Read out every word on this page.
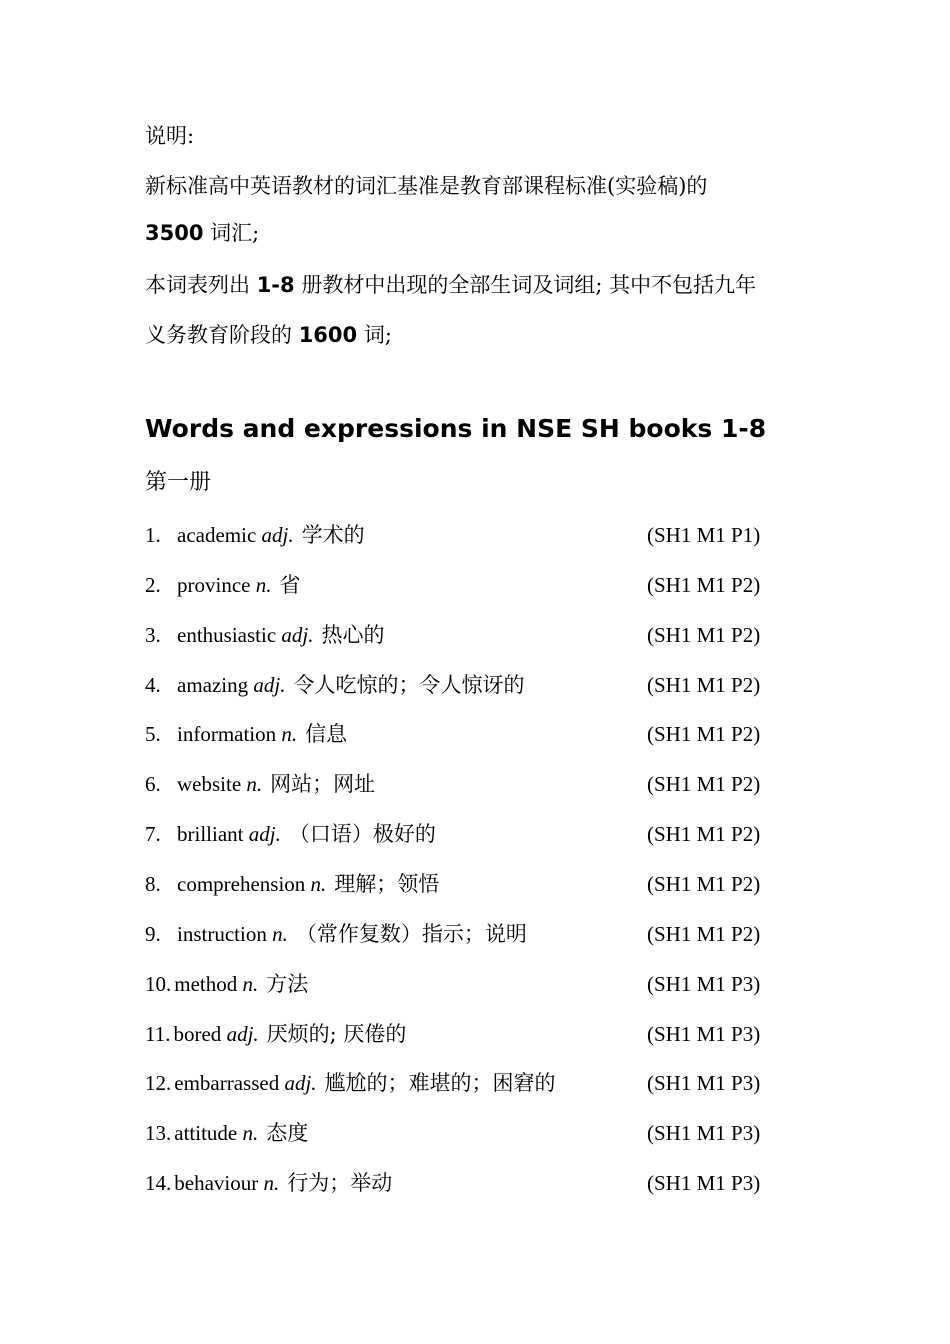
说明:
新标准高中英语教材的词汇基准是教育部课程标准(实验稿)的
3500 词汇;
本词表列出 1-8 册教材中出现的全部生词及词组; 其中不包括九年
义务教育阶段的 1600 词;
Words and expressions in NSE SH books 1-8
第一册
1. academic adj. 学术的	(SH1 M1 P1)
2. province n. 省	(SH1 M1 P2)
3. enthusiastic adj. 热心的	(SH1 M1 P2)
4. amazing adj. 令人吃惊的；令人惊讶的	(SH1 M1 P2)
5. information n. 信息	(SH1 M1 P2)
6. website n. 网站；网址	(SH1 M1 P2)
7. brilliant adj. （口语）极好的	(SH1 M1 P2)
8. comprehension n. 理解；领悟	(SH1 M1 P2)
9. instruction n. （常作复数）指示；说明	(SH1 M1 P2)
10. method n. 方法	(SH1 M1 P3)
11. bored adj. 厌烦的; 厌倦的	(SH1 M1 P3)
12. embarrassed adj. 尴尬的；难堪的；困窘的	(SH1 M1 P3)
13. attitude n. 态度	(SH1 M1 P3)
14. behaviour n. 行为；举动	(SH1 M1 P3)
